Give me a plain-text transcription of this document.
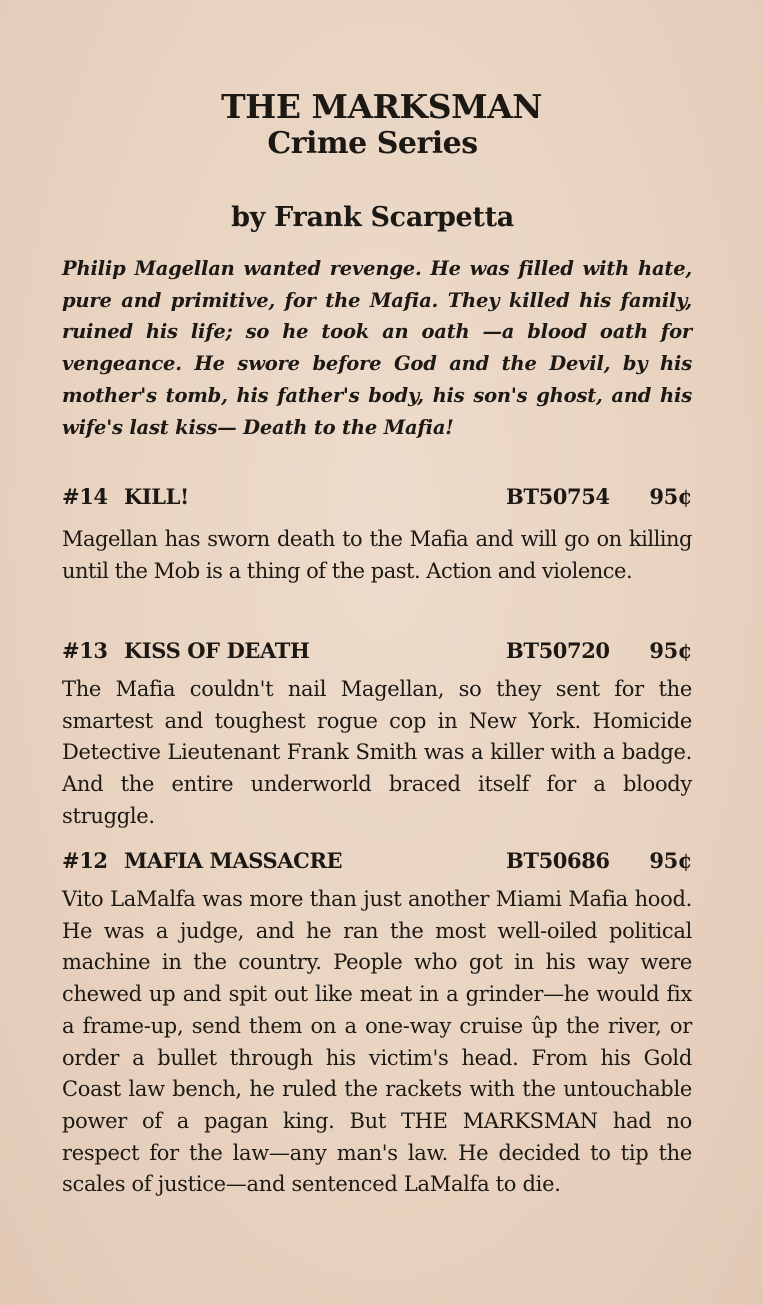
THE MARKSMAN
Crime Series
by Frank Scarpetta
Philip Magellan wanted revenge. He was filled with hate, pure and primitive, for the Mafia. They killed his family, ruined his life; so he took an oath —a blood oath for vengeance. He swore before God and the Devil, by his mother's tomb, his father's body, his son's ghost, and his wife's last kiss— Death to the Mafia!
#14 KILL!	BT50754 95¢
Magellan has sworn death to the Mafia and will go on killing until the Mob is a thing of the past. Action and violence.
#13 KISS OF DEATH	BT50720 95¢
The Mafia couldn't nail Magellan, so they sent for the smartest and toughest rogue cop in New York. Homicide Detective Lieutenant Frank Smith was a killer with a badge. And the entire underworld braced itself for a bloody struggle.
#12 MAFIA MASSACRE	BT50686 95¢
Vito LaMalfa was more than just another Miami Mafia hood. He was a judge, and he ran the most well-oiled political machine in the country. People who got in his way were chewed up and spit out like meat in a grinder—he would fix a frame-up, send them on a one-way cruise ûp the river, or order a bullet through his victim's head. From his Gold Coast law bench, he ruled the rackets with the untouchable power of a pagan king. But THE MARKSMAN had no respect for the law—any man's law. He decided to tip the scales of justice—and sentenced LaMalfa to die.
